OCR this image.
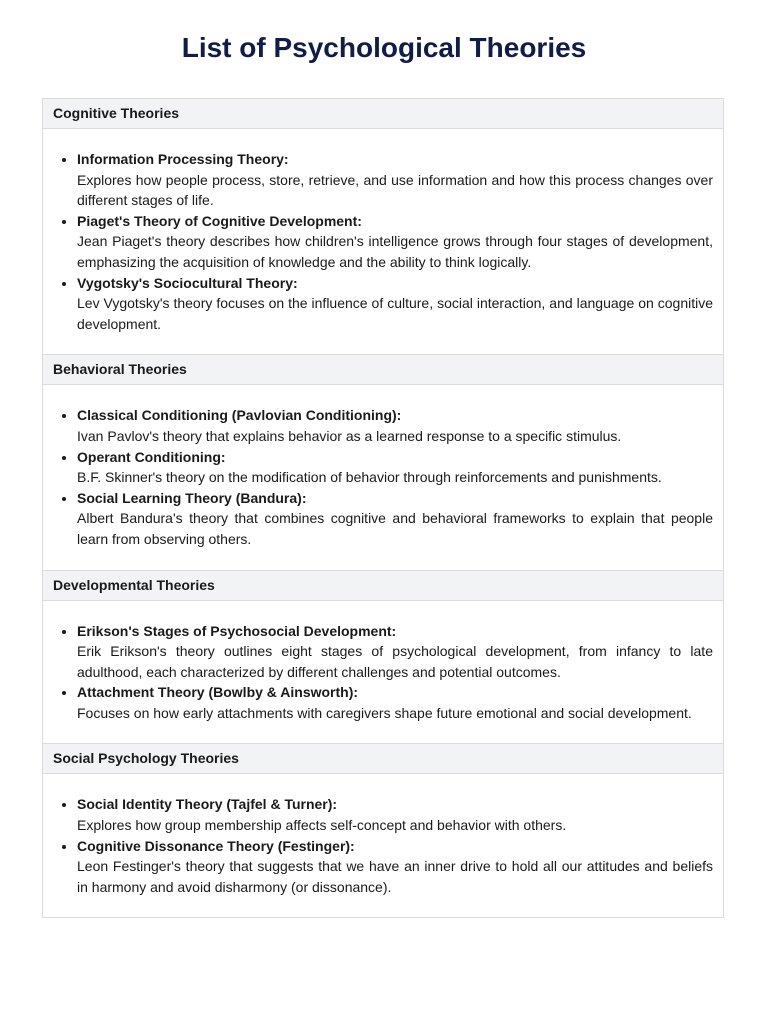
List of Psychological Theories
Cognitive Theories
• Information Processing Theory:
Explores how people process, store, retrieve, and use information and how this process changes over different stages of life.
• Piaget's Theory of Cognitive Development:
Jean Piaget's theory describes how children's intelligence grows through four stages of development, emphasizing the acquisition of knowledge and the ability to think logically.
• Vygotsky's Sociocultural Theory:
Lev Vygotsky's theory focuses on the influence of culture, social interaction, and language on cognitive development.
Behavioral Theories
• Classical Conditioning (Pavlovian Conditioning):
Ivan Pavlov's theory that explains behavior as a learned response to a specific stimulus.
• Operant Conditioning:
B.F. Skinner's theory on the modification of behavior through reinforcements and punishments.
• Social Learning Theory (Bandura):
Albert Bandura's theory that combines cognitive and behavioral frameworks to explain that people learn from observing others.
Developmental Theories
• Erikson's Stages of Psychosocial Development:
Erik Erikson's theory outlines eight stages of psychological development, from infancy to late adulthood, each characterized by different challenges and potential outcomes.
• Attachment Theory (Bowlby & Ainsworth):
Focuses on how early attachments with caregivers shape future emotional and social development.
Social Psychology Theories
• Social Identity Theory (Tajfel & Turner):
Explores how group membership affects self-concept and behavior with others.
• Cognitive Dissonance Theory (Festinger):
Leon Festinger's theory that suggests that we have an inner drive to hold all our attitudes and beliefs in harmony and avoid disharmony (or dissonance).
